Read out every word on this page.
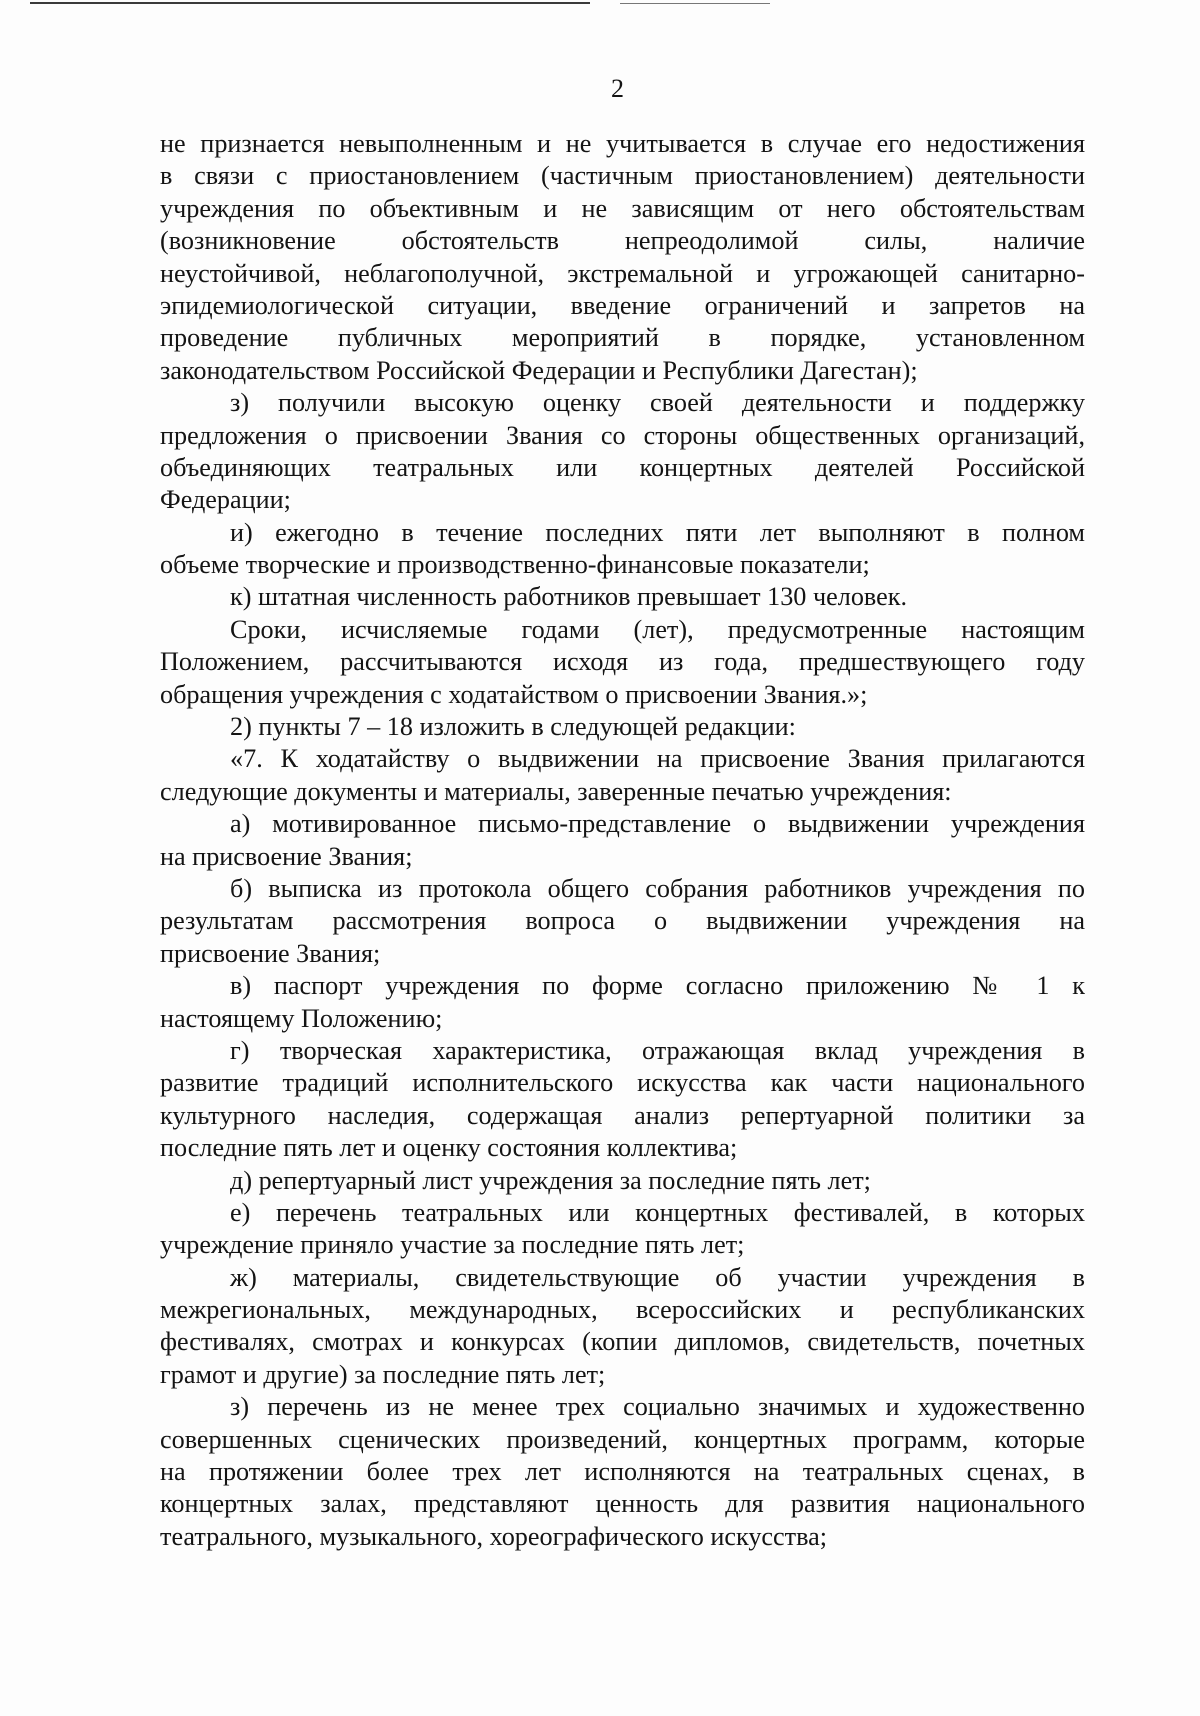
2
не признается невыполненным и не учитывается в случае его недостижения
в связи с приостановлением (частичным приостановлением) деятельности
учреждения по объективным и не зависящим от него обстоятельствам
(возникновение обстоятельств непреодолимой силы, наличие
неустойчивой, неблагополучной, экстремальной и угрожающей санитарно-
эпидемиологической ситуации, введение ограничений и запретов на
проведение публичных мероприятий в порядке, установленном
законодательством Российской Федерации и Республики Дагестан);
з) получили высокую оценку своей деятельности и поддержку
предложения о присвоении Звания со стороны общественных организаций,
объединяющих театральных или концертных деятелей Российской
Федерации;
и) ежегодно в течение последних пяти лет выполняют в полном
объеме творческие и производственно-финансовые показатели;
к) штатная численность работников превышает 130 человек.
Сроки, исчисляемые годами (лет), предусмотренные настоящим
Положением, рассчитываются исходя из года, предшествующего году
обращения учреждения с ходатайством о присвоении Звания.»;
2) пункты 7 – 18 изложить в следующей редакции:
«7. К ходатайству о выдвижении на присвоение Звания прилагаются
следующие документы и материалы, заверенные печатью учреждения:
а) мотивированное письмо-представление о выдвижении учреждения
на присвоение Звания;
б) выписка из протокола общего собрания работников учреждения по
результатам рассмотрения вопроса о выдвижении учреждения на
присвоение Звания;
в) паспорт учреждения по форме согласно приложению № 1 к
настоящему Положению;
г) творческая характеристика, отражающая вклад учреждения в
развитие традиций исполнительского искусства как части национального
культурного наследия, содержащая анализ репертуарной политики за
последние пять лет и оценку состояния коллектива;
д) репертуарный лист учреждения за последние пять лет;
е) перечень театральных или концертных фестивалей, в которых
учреждение приняло участие за последние пять лет;
ж) материалы, свидетельствующие об участии учреждения в
межрегиональных, международных, всероссийских и республиканских
фестивалях, смотрах и конкурсах (копии дипломов, свидетельств, почетных
грамот и другие) за последние пять лет;
з) перечень из не менее трех социально значимых и художественно
совершенных сценических произведений, концертных программ, которые
на протяжении более трех лет исполняются на театральных сценах, в
концертных залах, представляют ценность для развития национального
театрального, музыкального, хореографического искусства;
